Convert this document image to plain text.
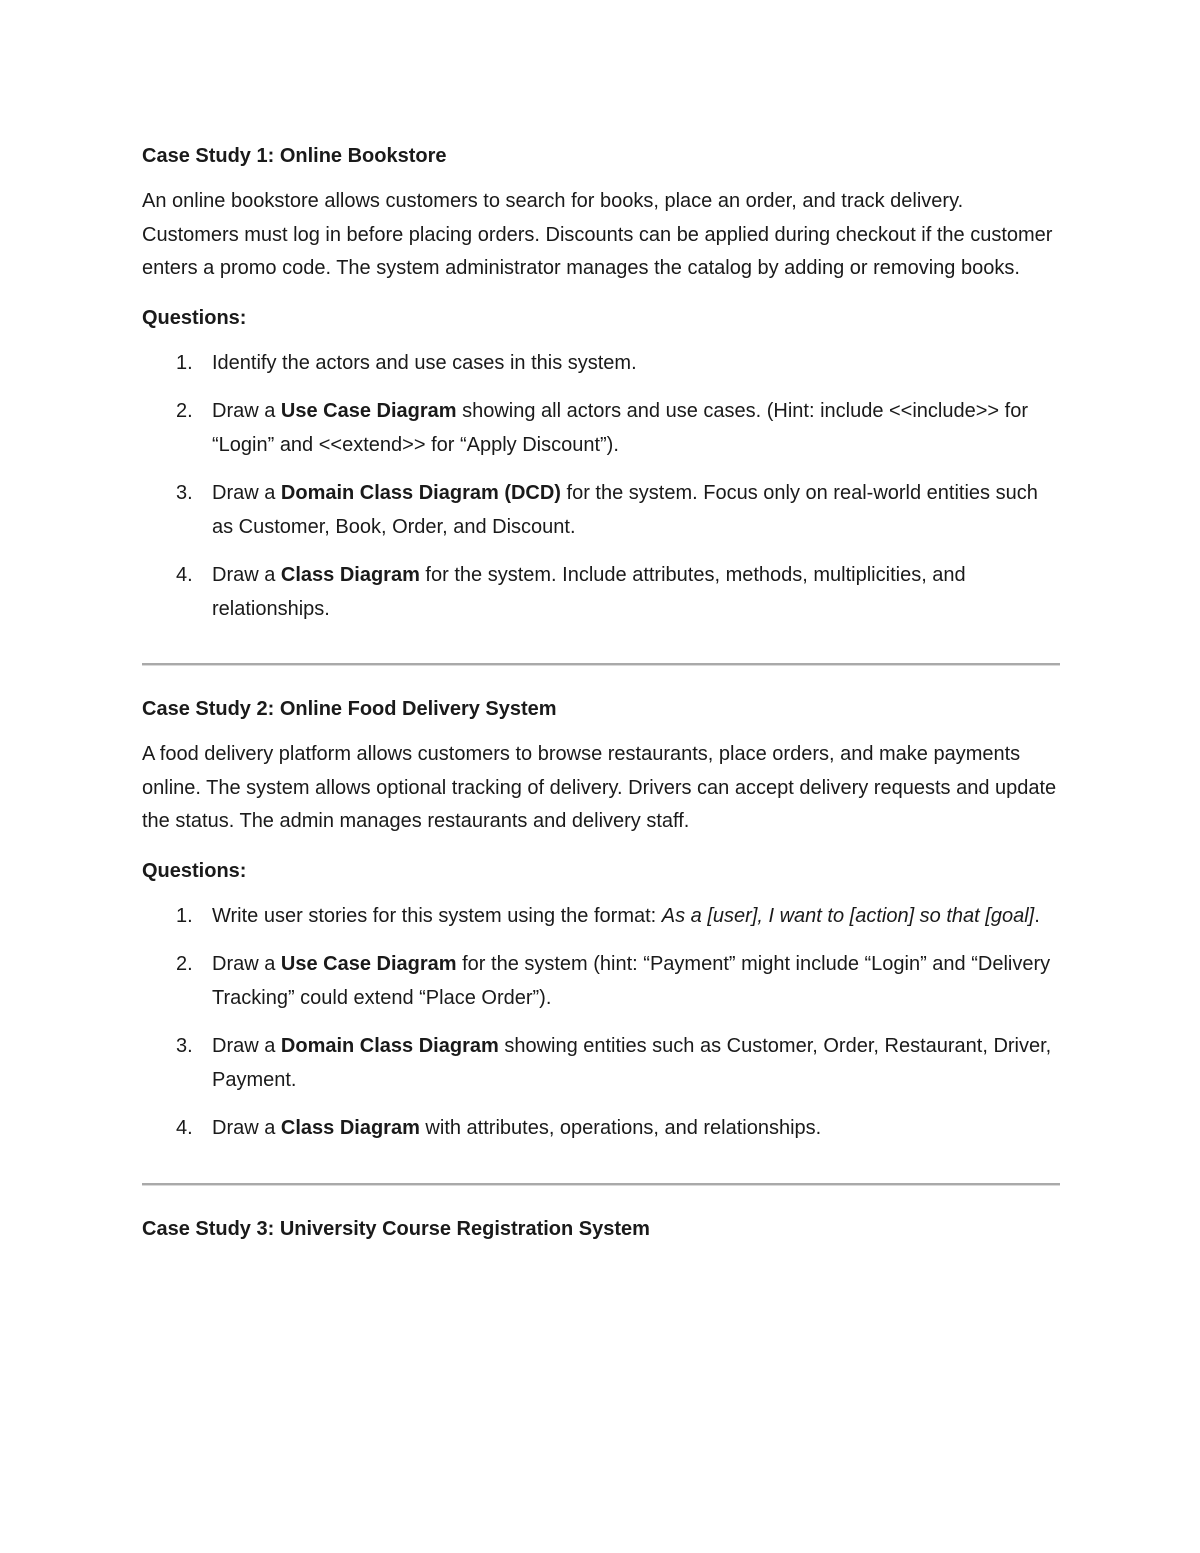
Case Study 1: Online Bookstore

An online bookstore allows customers to search for books, place an order, and track delivery. Customers must log in before placing orders. Discounts can be applied during checkout if the customer enters a promo code. The system administrator manages the catalog by adding or removing books.

Questions:
1. Identify the actors and use cases in this system.
2. Draw a Use Case Diagram showing all actors and use cases. (Hint: include <<include>> for “Login” and <<extend>> for “Apply Discount”).
3. Draw a Domain Class Diagram (DCD) for the system. Focus only on real-world entities such as Customer, Book, Order, and Discount.
4. Draw a Class Diagram for the system. Include attributes, methods, multiplicities, and relationships.
Case Study 2: Online Food Delivery System

A food delivery platform allows customers to browse restaurants, place orders, and make payments online. The system allows optional tracking of delivery. Drivers can accept delivery requests and update the status. The admin manages restaurants and delivery staff.

Questions:
1. Write user stories for this system using the format: As a [user], I want to [action] so that [goal].
2. Draw a Use Case Diagram for the system (hint: “Payment” might include “Login” and “Delivery Tracking” could extend “Place Order”).
3. Draw a Domain Class Diagram showing entities such as Customer, Order, Restaurant, Driver, Payment.
4. Draw a Class Diagram with attributes, operations, and relationships.
Case Study 3: University Course Registration System
